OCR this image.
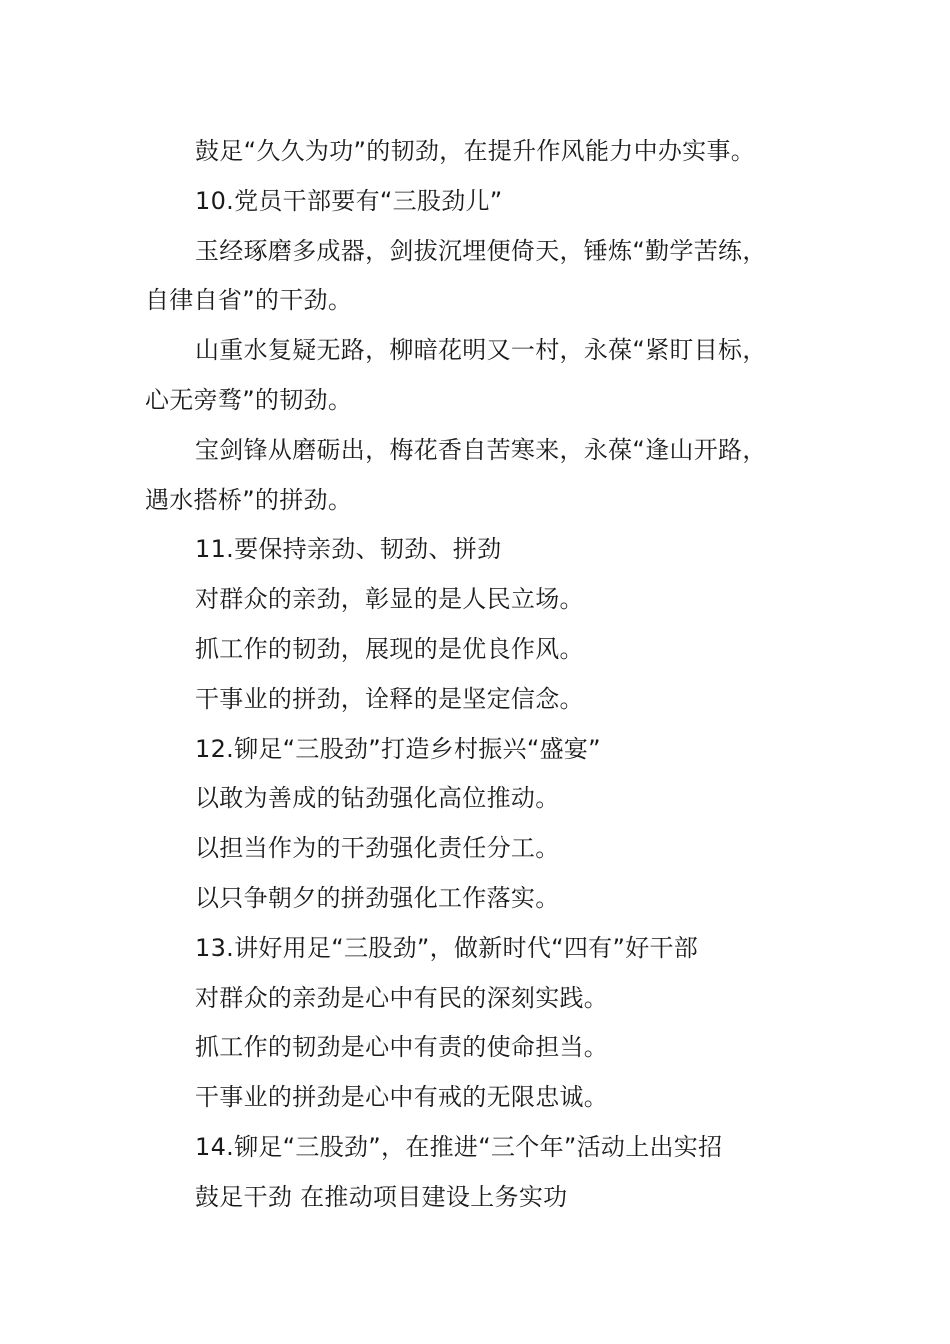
鼓足“久久为功”的韧劲，在提升作风能力中办实事。
10.党员干部要有“三股劲儿”
玉经琢磨多成器，剑拔沉埋便倚天，锤炼“勤学苦练，
自律自省”的干劲。
山重水复疑无路，柳暗花明又一村，永葆“紧盯目标，
心无旁骛”的韧劲。
宝剑锋从磨砺出，梅花香自苦寒来，永葆“逢山开路，
遇水搭桥”的拼劲。
11.要保持亲劲、韧劲、拼劲
对群众的亲劲，彰显的是人民立场。
抓工作的韧劲，展现的是优良作风。
干事业的拼劲，诠释的是坚定信念。
12.铆足“三股劲”打造乡村振兴“盛宴”
以敢为善成的钻劲强化高位推动。
以担当作为的干劲强化责任分工。
以只争朝夕的拼劲强化工作落实。
13.讲好用足“三股劲”，做新时代“四有”好干部
对群众的亲劲是心中有民的深刻实践。
抓工作的韧劲是心中有责的使命担当。
干事业的拼劲是心中有戒的无限忠诚。
14.铆足“三股劲”，在推进“三个年”活动上出实招
鼓足干劲 在推动项目建设上务实功
